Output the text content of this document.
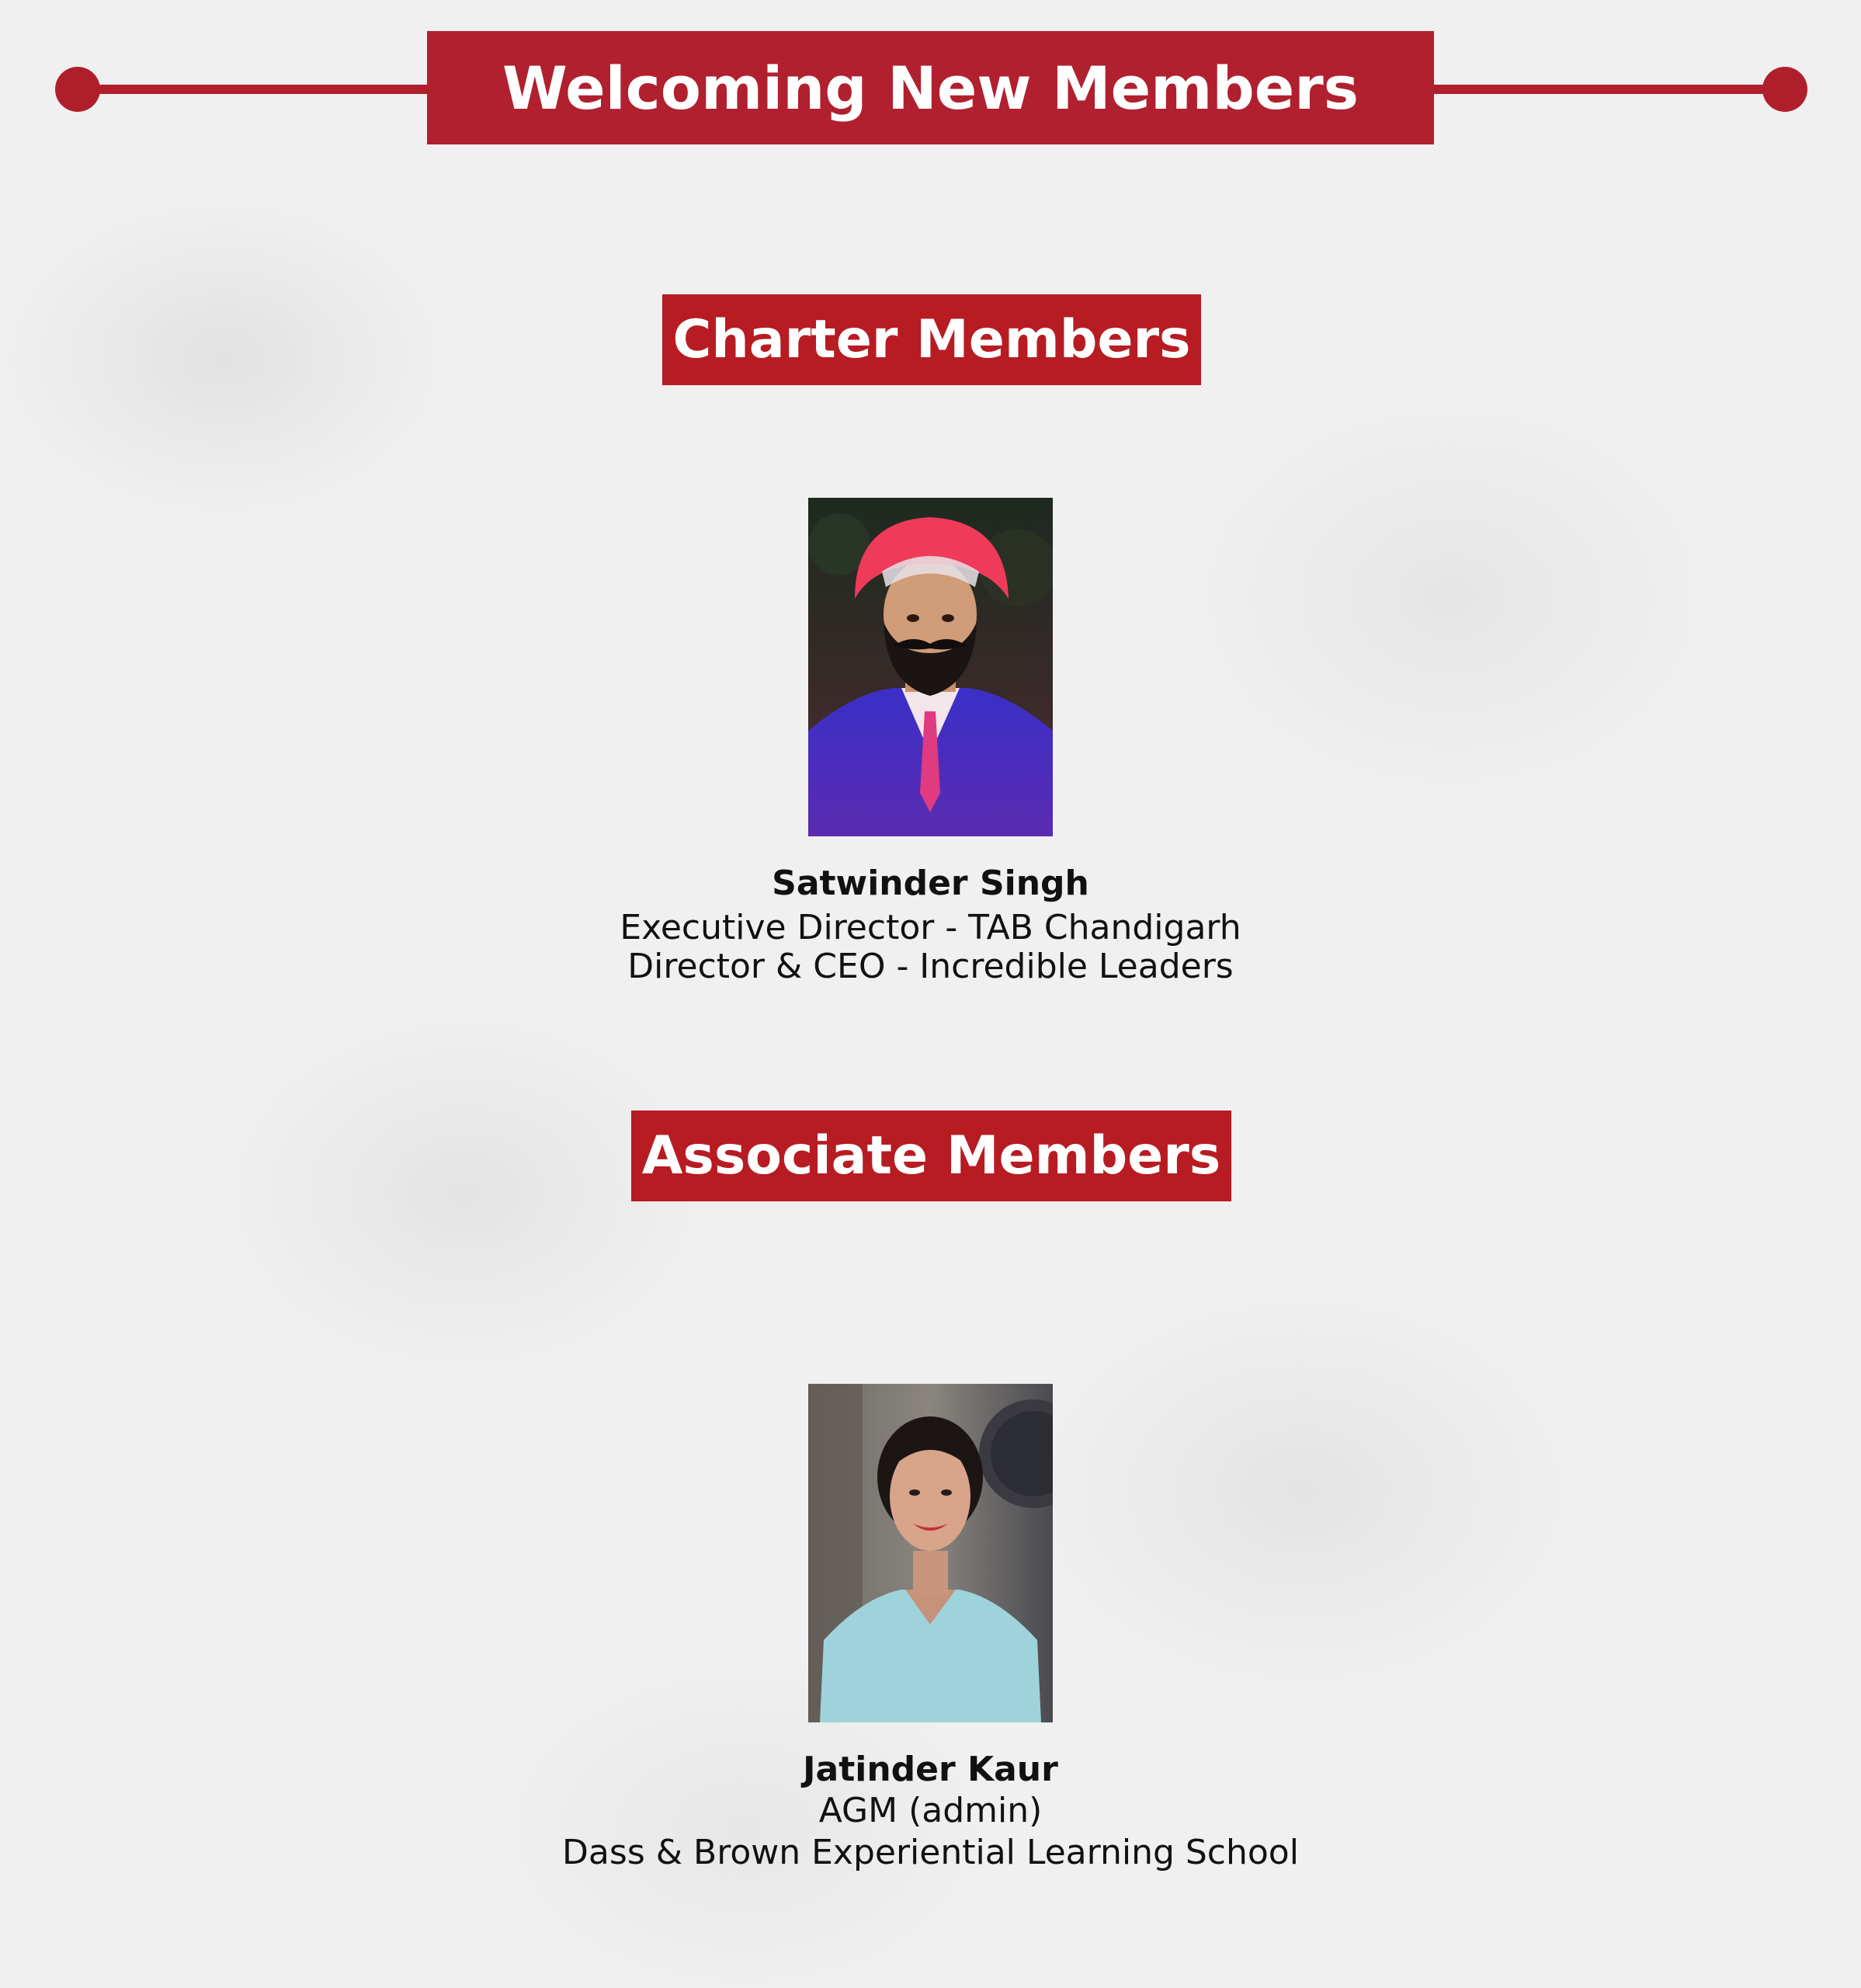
Welcoming New Members
Charter Members
Satwinder Singh
Executive Director - TAB Chandigarh
Director & CEO - Incredible Leaders
Associate Members
Jatinder Kaur
AGM (admin)
Dass & Brown Experiential Learning School
